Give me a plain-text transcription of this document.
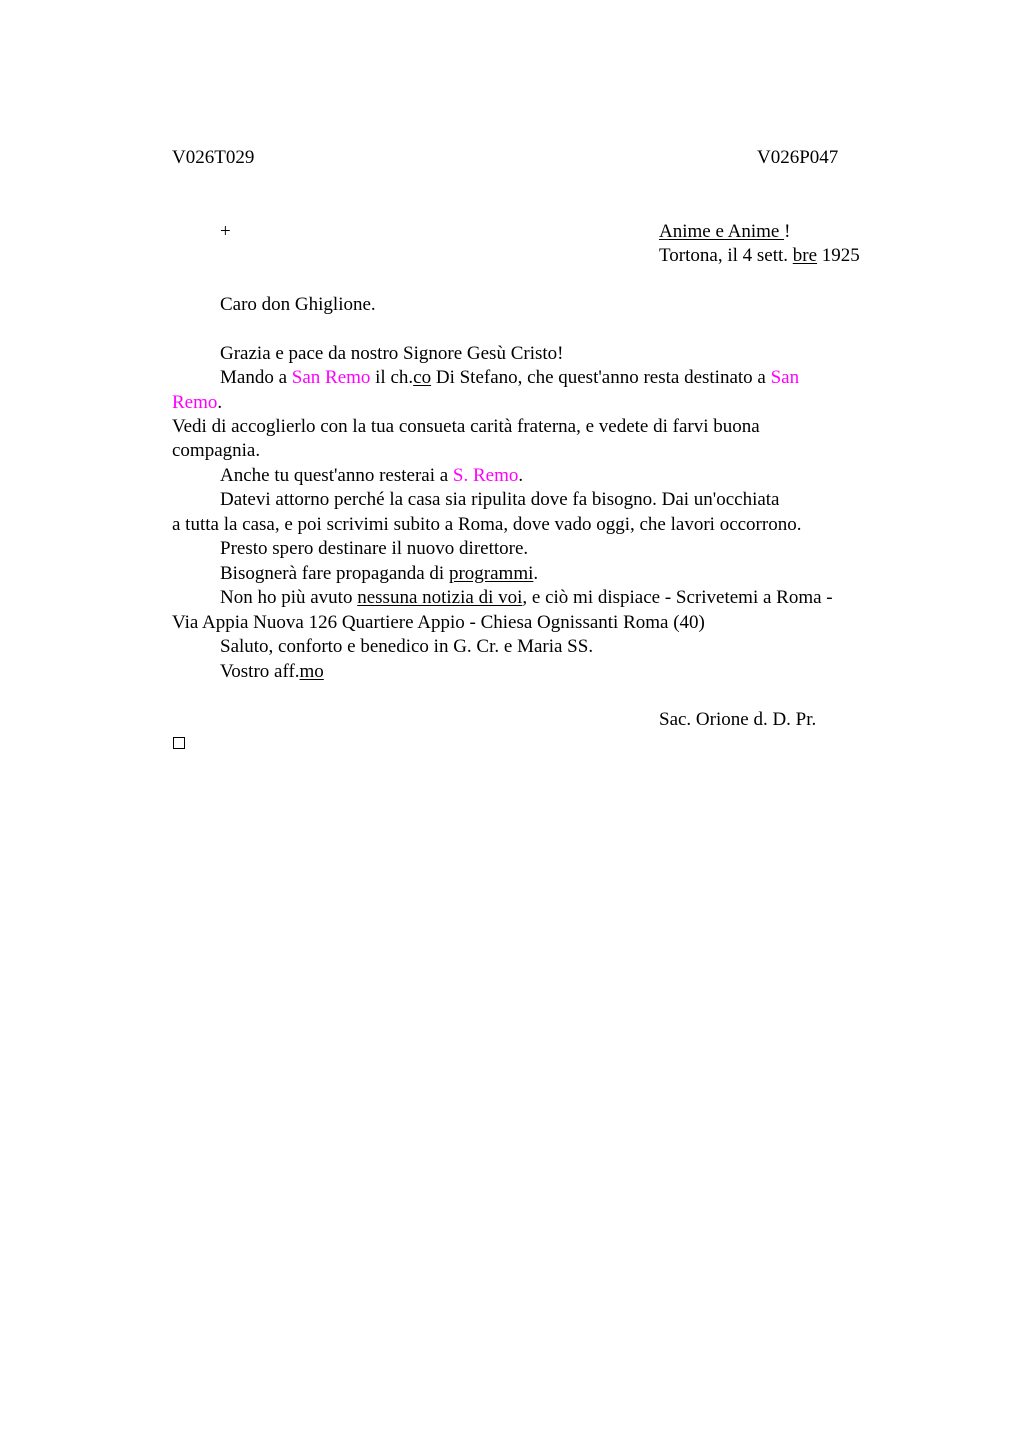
V026T029	V026P047
+	Anime e Anime !
Tortona, il 4 sett. bre 1925
Caro don Ghiglione.
Grazia e pace da nostro Signore Gesù Cristo!
Mando a San Remo il ch.co Di Stefano, che quest'anno resta destinato a San
Remo.
Vedi di accoglierlo con la tua consueta carità fraterna, e vedete di farvi buona
compagnia.
Anche tu quest'anno resterai a S. Remo.
Datevi attorno perché la casa sia ripulita dove fa bisogno. Dai un'occhiata
a tutta la casa, e poi scrivimi subito a Roma, dove vado oggi, che lavori occorrono.
Presto spero destinare il nuovo direttore.
Bisognerà fare propaganda di programmi.
Non ho più avuto nessuna notizia di voi, e ciò mi dispiace - Scrivetemi a Roma -
Via Appia Nuova 126 Quartiere Appio - Chiesa Ognissanti Roma (40)
Saluto, conforto e benedico in G. Cr. e Maria SS.
Vostro aff.mo
Sac. Orione d. D. Pr.
